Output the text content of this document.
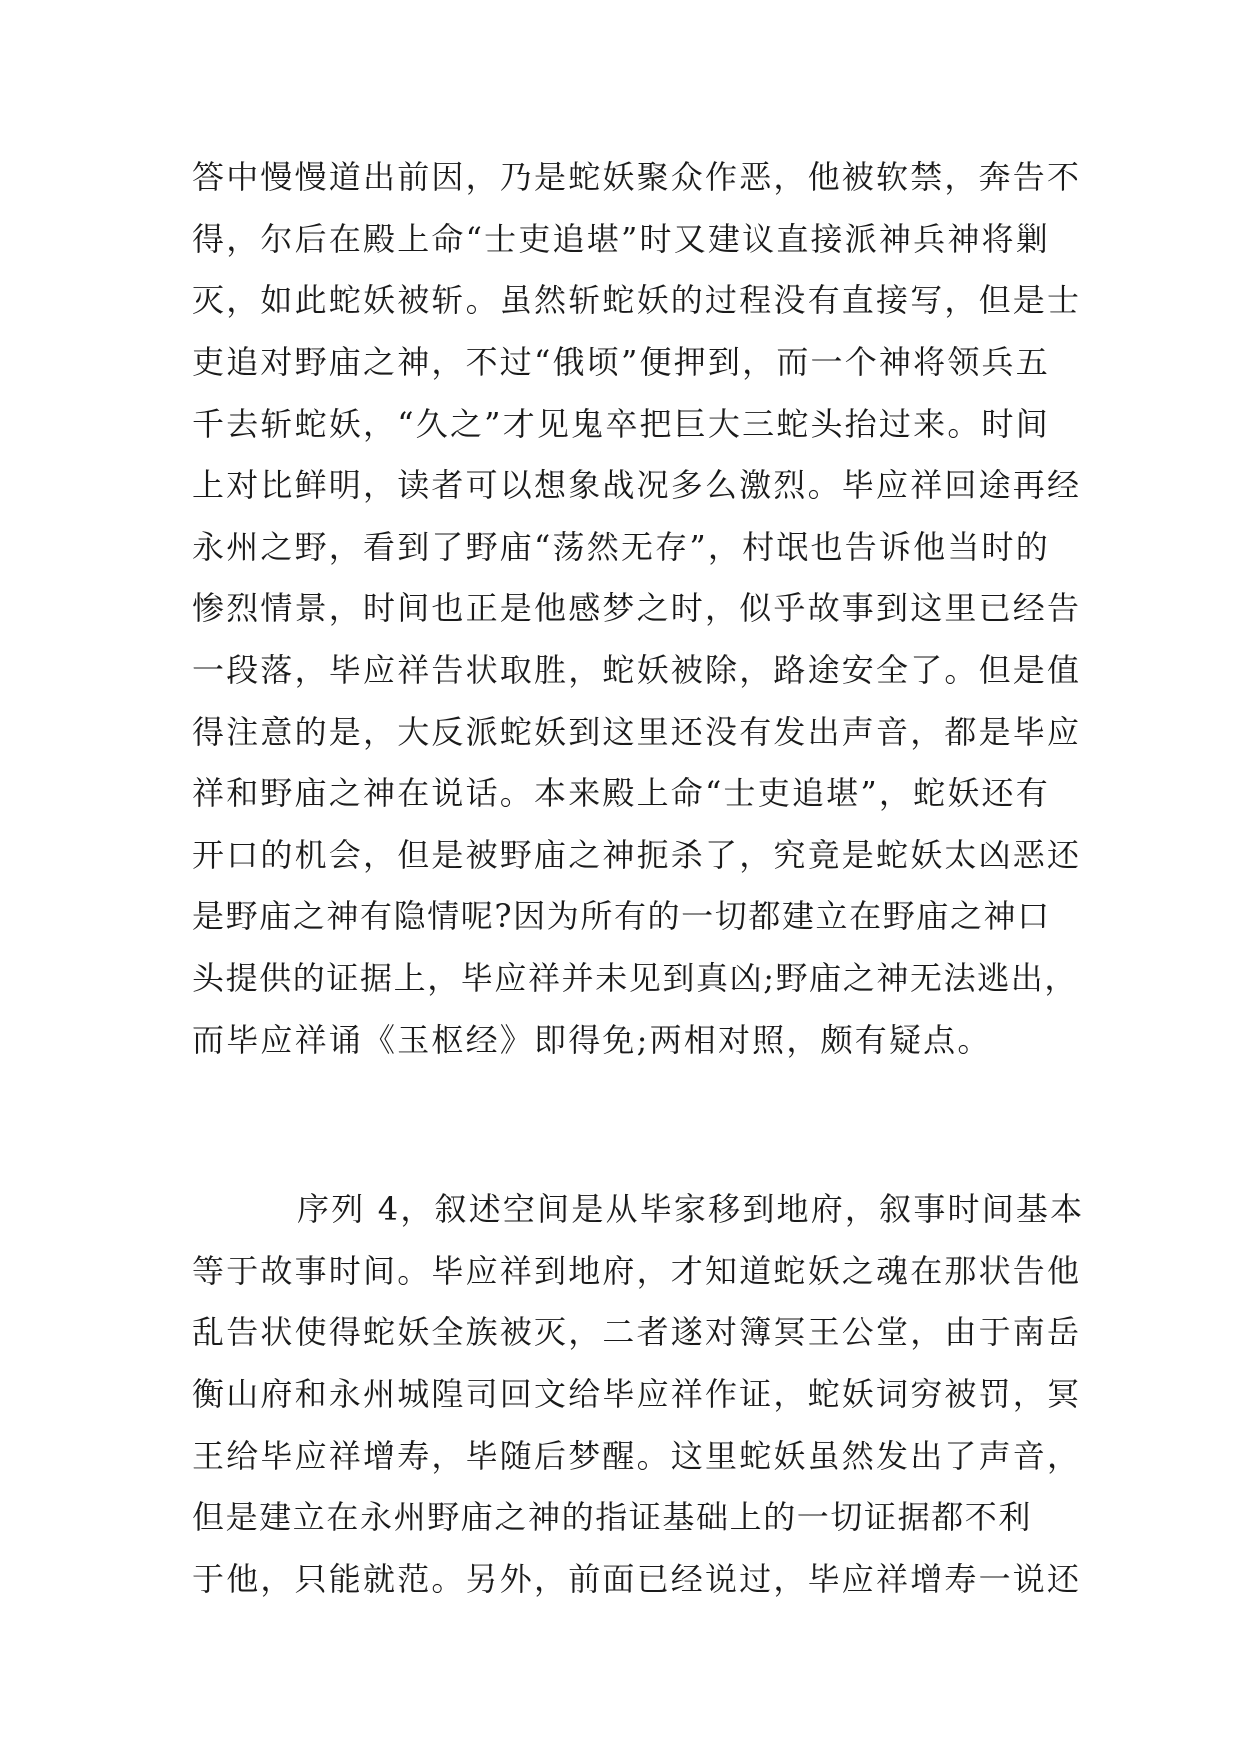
答中慢慢道出前因，乃是蛇妖聚众作恶，他被软禁，奔告不
得，尔后在殿上命“士吏追堪”时又建议直接派神兵神将剿
灭，如此蛇妖被斩。虽然斩蛇妖的过程没有直接写，但是士
吏追对野庙之神，不过“俄顷”便押到，而一个神将领兵五
千去斩蛇妖，“久之”才见鬼卒把巨大三蛇头抬过来。时间
上对比鲜明，读者可以想象战况多么激烈。毕应祥回途再经
永州之野，看到了野庙“荡然无存”，村氓也告诉他当时的
惨烈情景，时间也正是他感梦之时，似乎故事到这里已经告
一段落，毕应祥告状取胜，蛇妖被除，路途安全了。但是值
得注意的是，大反派蛇妖到这里还没有发出声音，都是毕应
祥和野庙之神在说话。本来殿上命“士吏追堪”，蛇妖还有
开口的机会，但是被野庙之神扼杀了，究竟是蛇妖太凶恶还
是野庙之神有隐情呢?因为所有的一切都建立在野庙之神口
头提供的证据上，毕应祥并未见到真凶;野庙之神无法逃出，
而毕应祥诵《玉枢经》即得免;两相对照，颇有疑点。
序列 4，叙述空间是从毕家移到地府，叙事时间基本
等于故事时间。毕应祥到地府，才知道蛇妖之魂在那状告他
乱告状使得蛇妖全族被灭，二者遂对簿冥王公堂，由于南岳
衡山府和永州城隍司回文给毕应祥作证，蛇妖词穷被罚，冥
王给毕应祥增寿，毕随后梦醒。这里蛇妖虽然发出了声音，
但是建立在永州野庙之神的指证基础上的一切证据都不利
于他，只能就范。另外，前面已经说过，毕应祥增寿一说还
